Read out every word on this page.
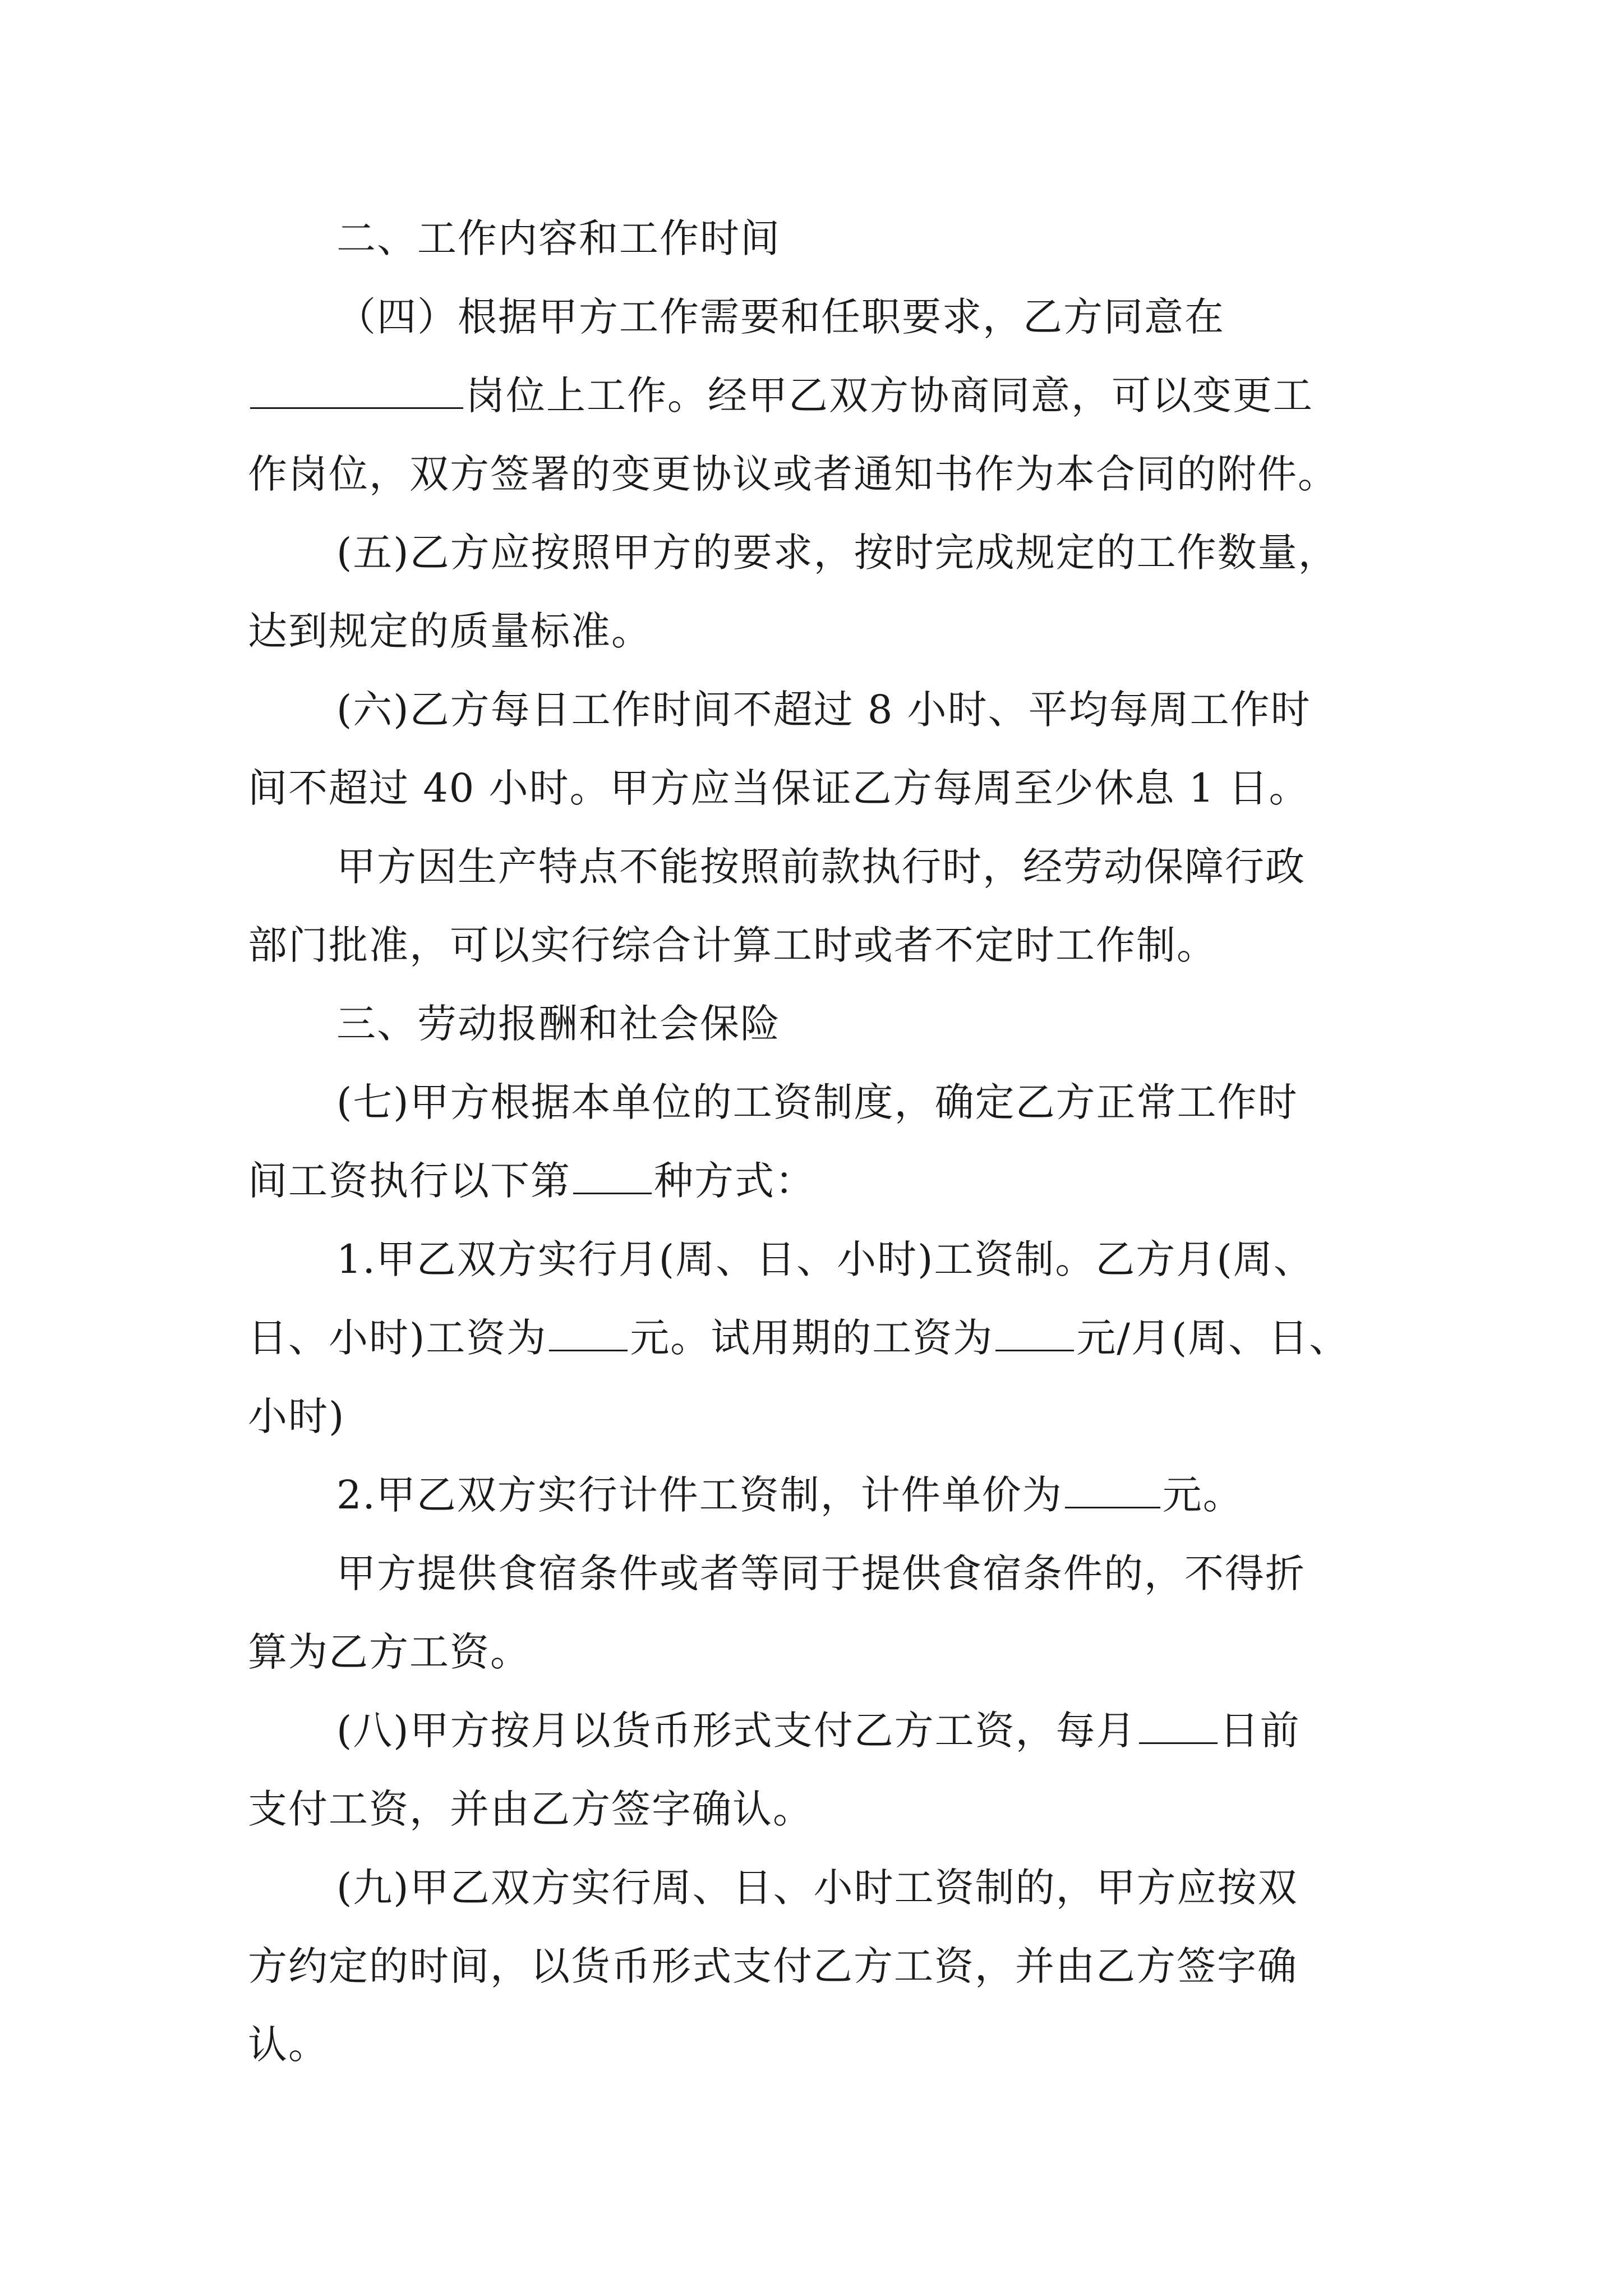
二、工作内容和工作时间
（四）根据甲方工作需要和任职要求，乙方同意在
岗位上工作。经甲乙双方协商同意，可以变更工
作岗位，双方签署的变更协议或者通知书作为本合同的附件。
(五)乙方应按照甲方的要求，按时完成规定的工作数量，
达到规定的质量标准。
(六)乙方每日工作时间不超过 8 小时、平均每周工作时
间不超过 40 小时。甲方应当保证乙方每周至少休息 1 日。
甲方因生产特点不能按照前款执行时，经劳动保障行政
部门批准，可以实行综合计算工时或者不定时工作制。
三、劳动报酬和社会保险
(七)甲方根据本单位的工资制度，确定乙方正常工作时
间工资执行以下第 种方式：
1.甲乙双方实行月(周、日、小时)工资制。乙方月(周、
日、小时)工资为 元。试用期的工资为 元/月(周、日、
小时)
2.甲乙双方实行计件工资制，计件单价为	元。
甲方提供食宿条件或者等同于提供食宿条件的，不得折
算为乙方工资。
(八)甲方按月以货币形式支付乙方工资，每月 日前
支付工资，并由乙方签字确认。
(九)甲乙双方实行周、日、小时工资制的，甲方应按双
方约定的时间，以货币形式支付乙方工资，并由乙方签字确
认。
